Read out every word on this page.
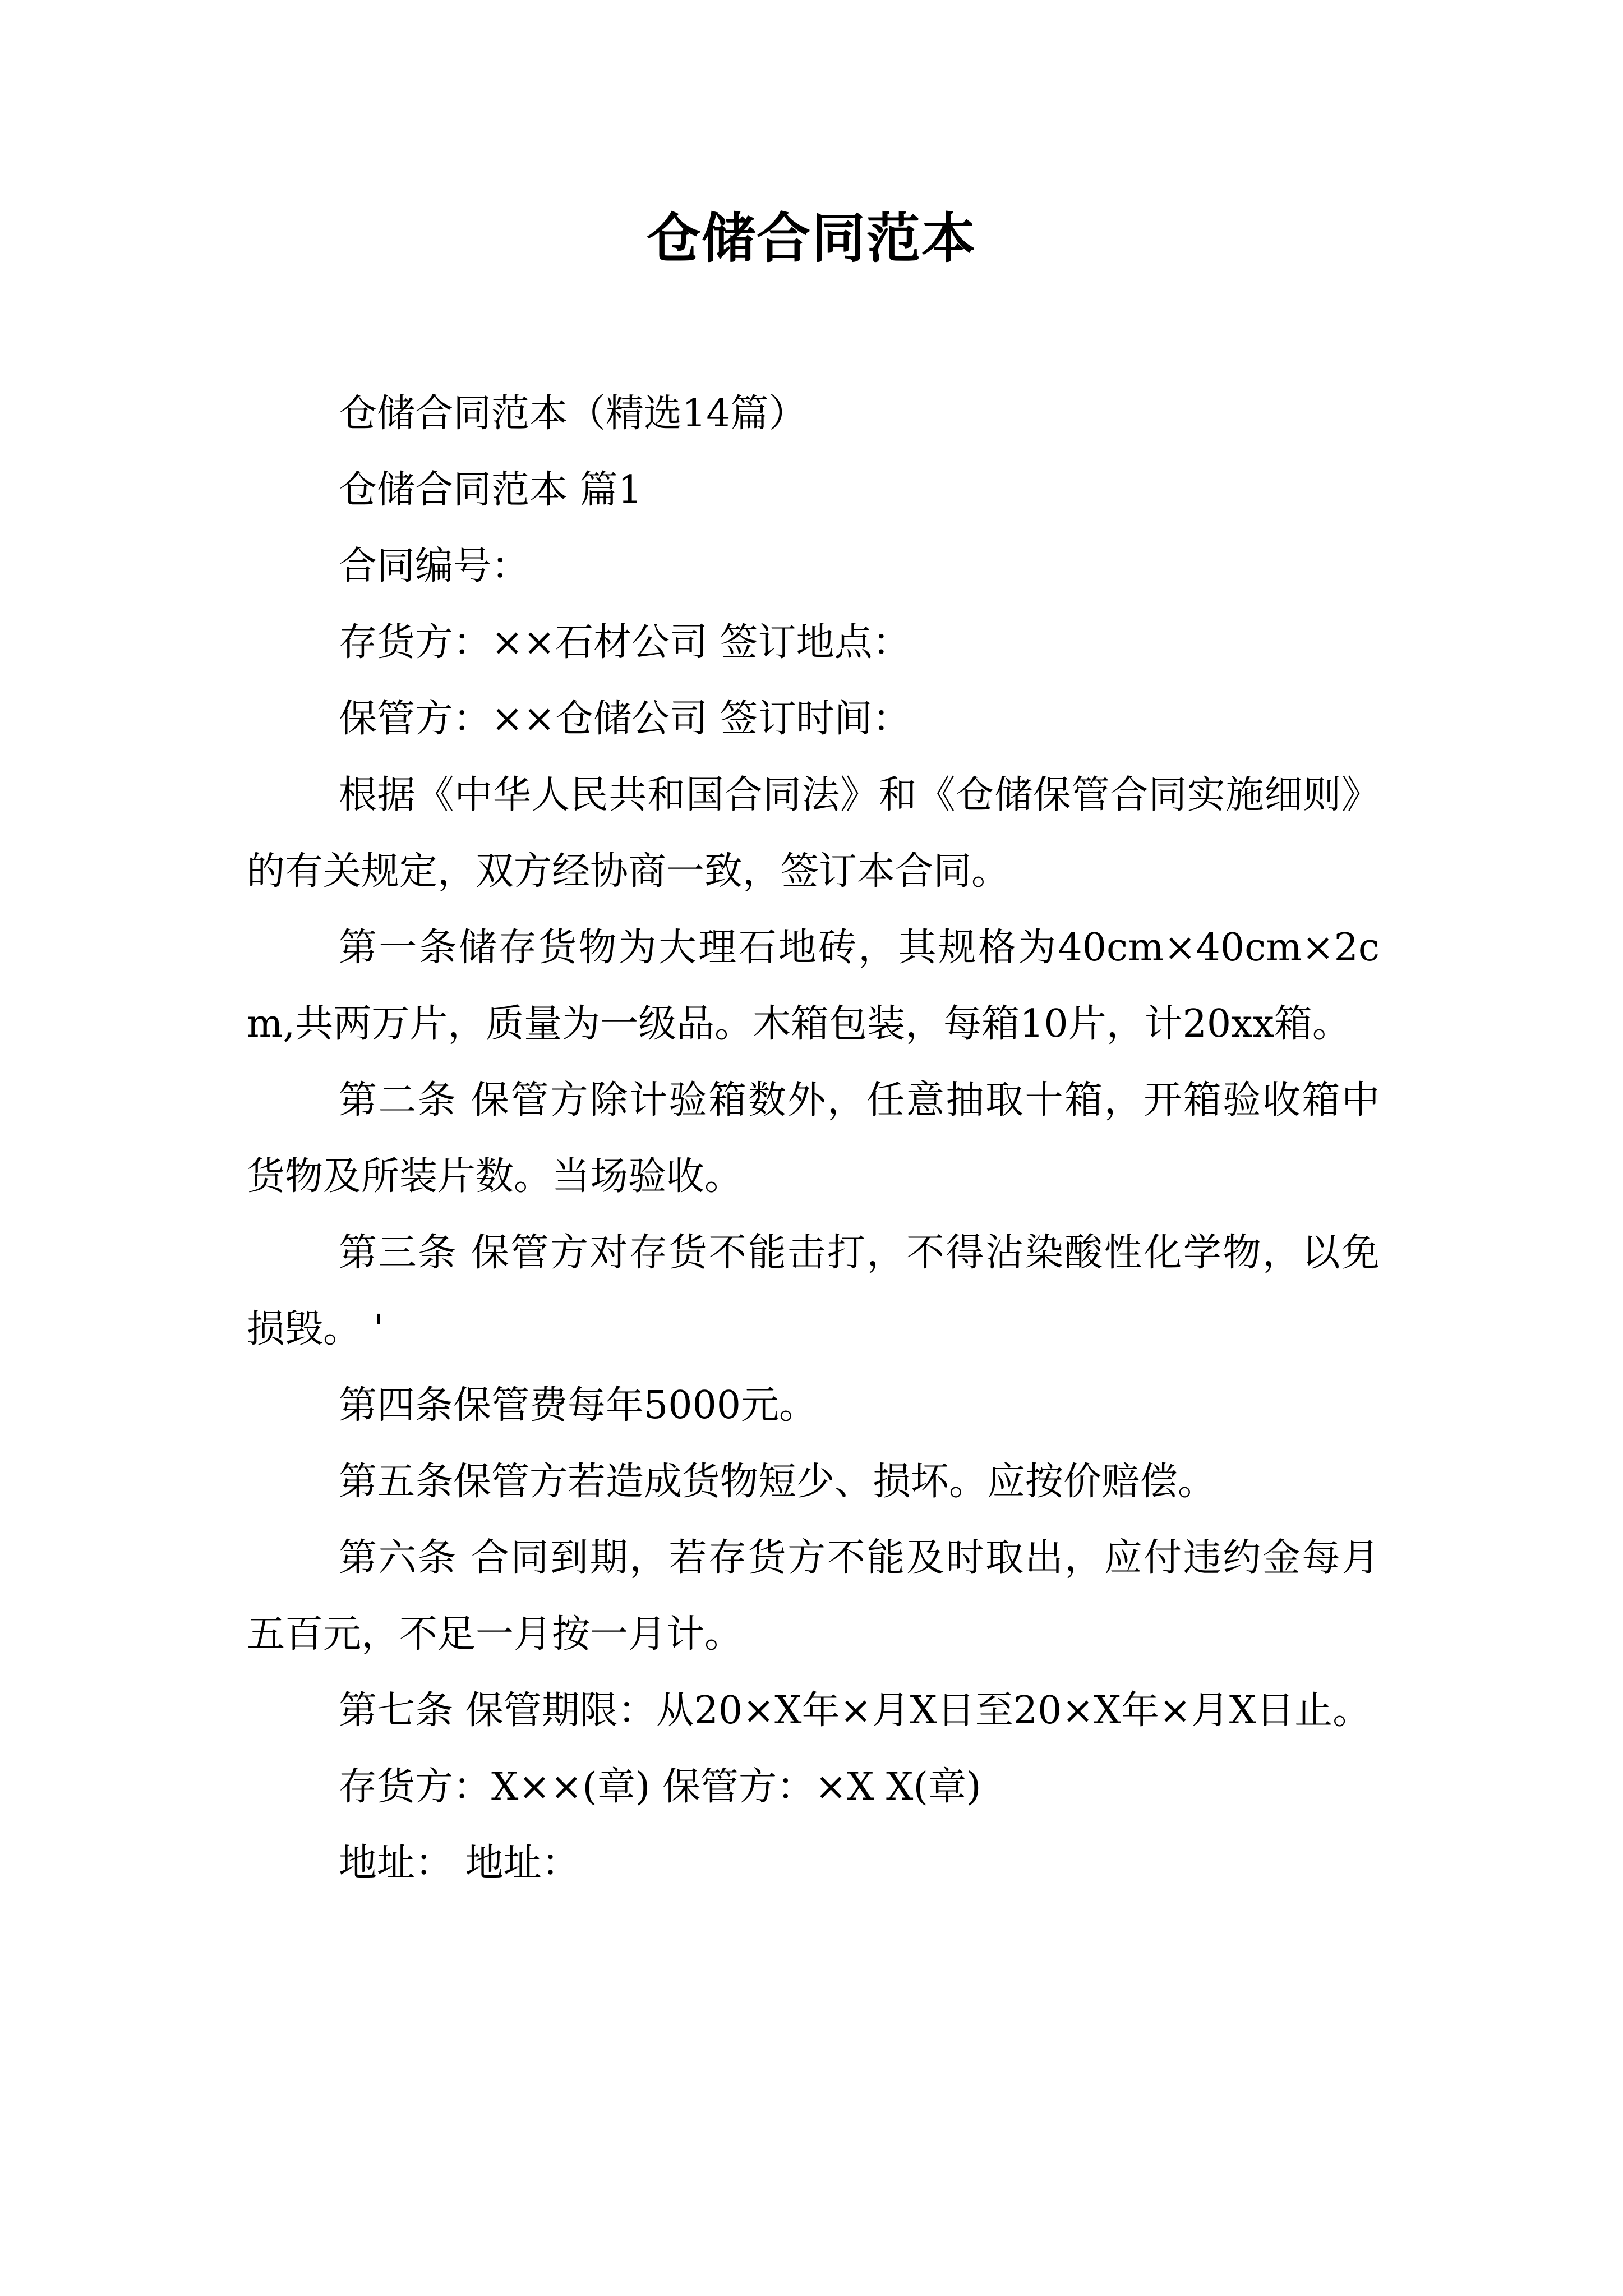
仓储合同范本

仓储合同范本（精选14篇）

仓储合同范本 篇1

合同编号：

存货方：××石材公司 签订地点：

保管方：××仓储公司 签订时间：

根据《中华人民共和国合同法》和《仓储保管合同实施细则》的有关规定，双方经协商一致，签订本合同。

第一条储存货物为大理石地砖，其规格为40cm×40cm×2cm,共两万片，质量为一级品。木箱包装，每箱10片，计20xx箱。

第二条 保管方除计验箱数外，任意抽取十箱，开箱验收箱中货物及所装片数。当场验收。

第三条 保管方对存货不能击打，不得沾染酸性化学物，以免损毁。 '

第四条保管费每年5000元。

第五条保管方若造成货物短少、损坏。应按价赔偿。

第六条 合同到期，若存货方不能及时取出，应付违约金每月五百元，不足一月按一月计。

第七条 保管期限：从20×X年×月X日至20×X年×月X日止。

存货方：X××(章) 保管方：×X X(章)

地址： 地址：
